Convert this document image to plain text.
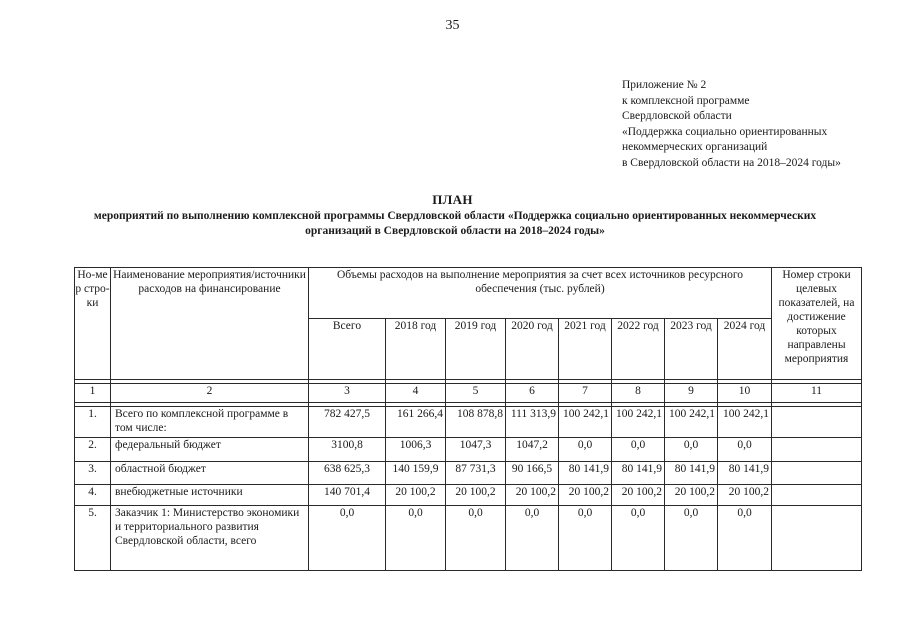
35
Приложение № 2
к комплексной программе
Свердловской области
«Поддержка социально ориентированных
некоммерческих организаций
в Свердловской области на 2018–2024 годы»
ПЛАН
мероприятий по выполнению комплексной программы Свердловской области «Поддержка социально ориентированных некоммерческих организаций в Свердловской области на 2018–2024 годы»
Но-мер стро-ки	Наименование мероприятия/источники расходов на финансирование	Объемы расходов на выполнение мероприятия за счет всех источников ресурсного обеспечения (тыс. рублей)								Номер строки целевых показателей, на достижение которых направлены мероприятия
		Всего	2018 год	2019 год	2020 год	2021 год	2022 год	2023 год	2024 год	

1	2	3	4	5	6	7	8	9	10	11

1.	Всего по комплексной программе в том числе:	782 427,5	161 266,4	108 878,8	111 313,9	100 242,1	100 242,1	100 242,1	100 242,1	
2.	федеральный бюджет	3100,8	1006,3	1047,3	1047,2	0,0	0,0	0,0	0,0	
3.	областной бюджет	638 625,3	140 159,9	87 731,3	90 166,5	80 141,9	80 141,9	80 141,9	80 141,9	
4.	внебюджетные источники	140 701,4	20 100,2	20 100,2	20 100,2	20 100,2	20 100,2	20 100,2	20 100,2	
5.	Заказчик 1: Министерство экономики и территориального развития Свердловской области, всего	0,0	0,0	0,0	0,0	0,0	0,0	0,0	0,0	
